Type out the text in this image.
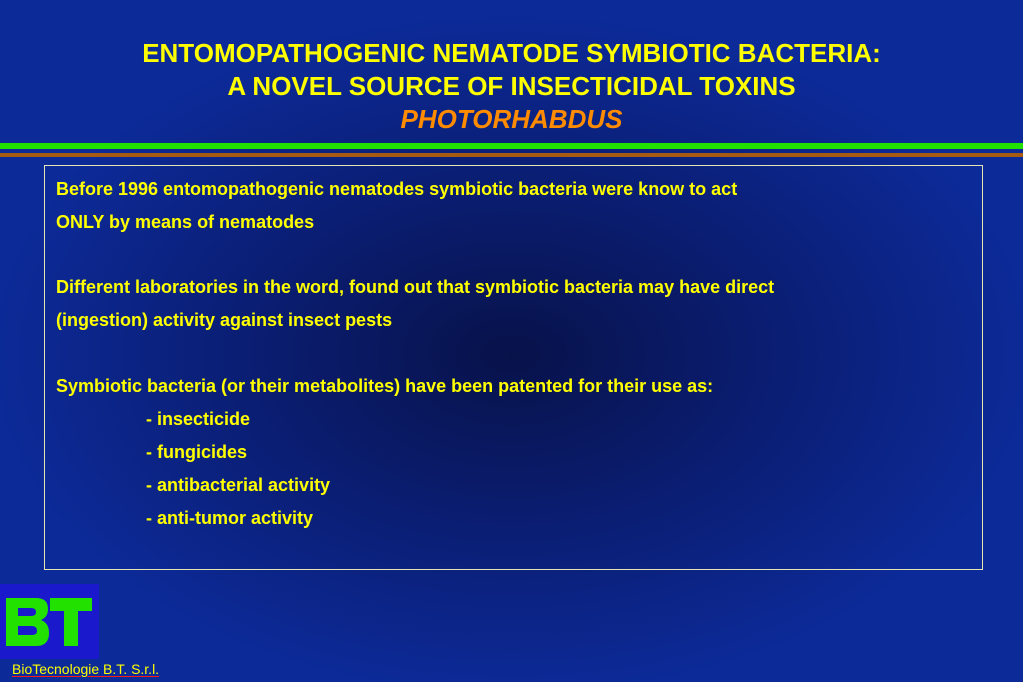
ENTOMOPATHOGENIC NEMATODE SYMBIOTIC BACTERIA:
A NOVEL SOURCE OF INSECTICIDAL TOXINS
PHOTORHABDUS
Before 1996 entomopathogenic nematodes symbiotic bacteria were know to act
ONLY by means of nematodes
Different laboratories in the word, found out that symbiotic bacteria may have direct
(ingestion) activity against insect pests
Symbiotic bacteria (or their metabolites) have been patented for their use as:
- insecticide
- fungicides
- antibacterial activity
- anti-tumor activity
BioTecnologie B.T. S.r.l.
